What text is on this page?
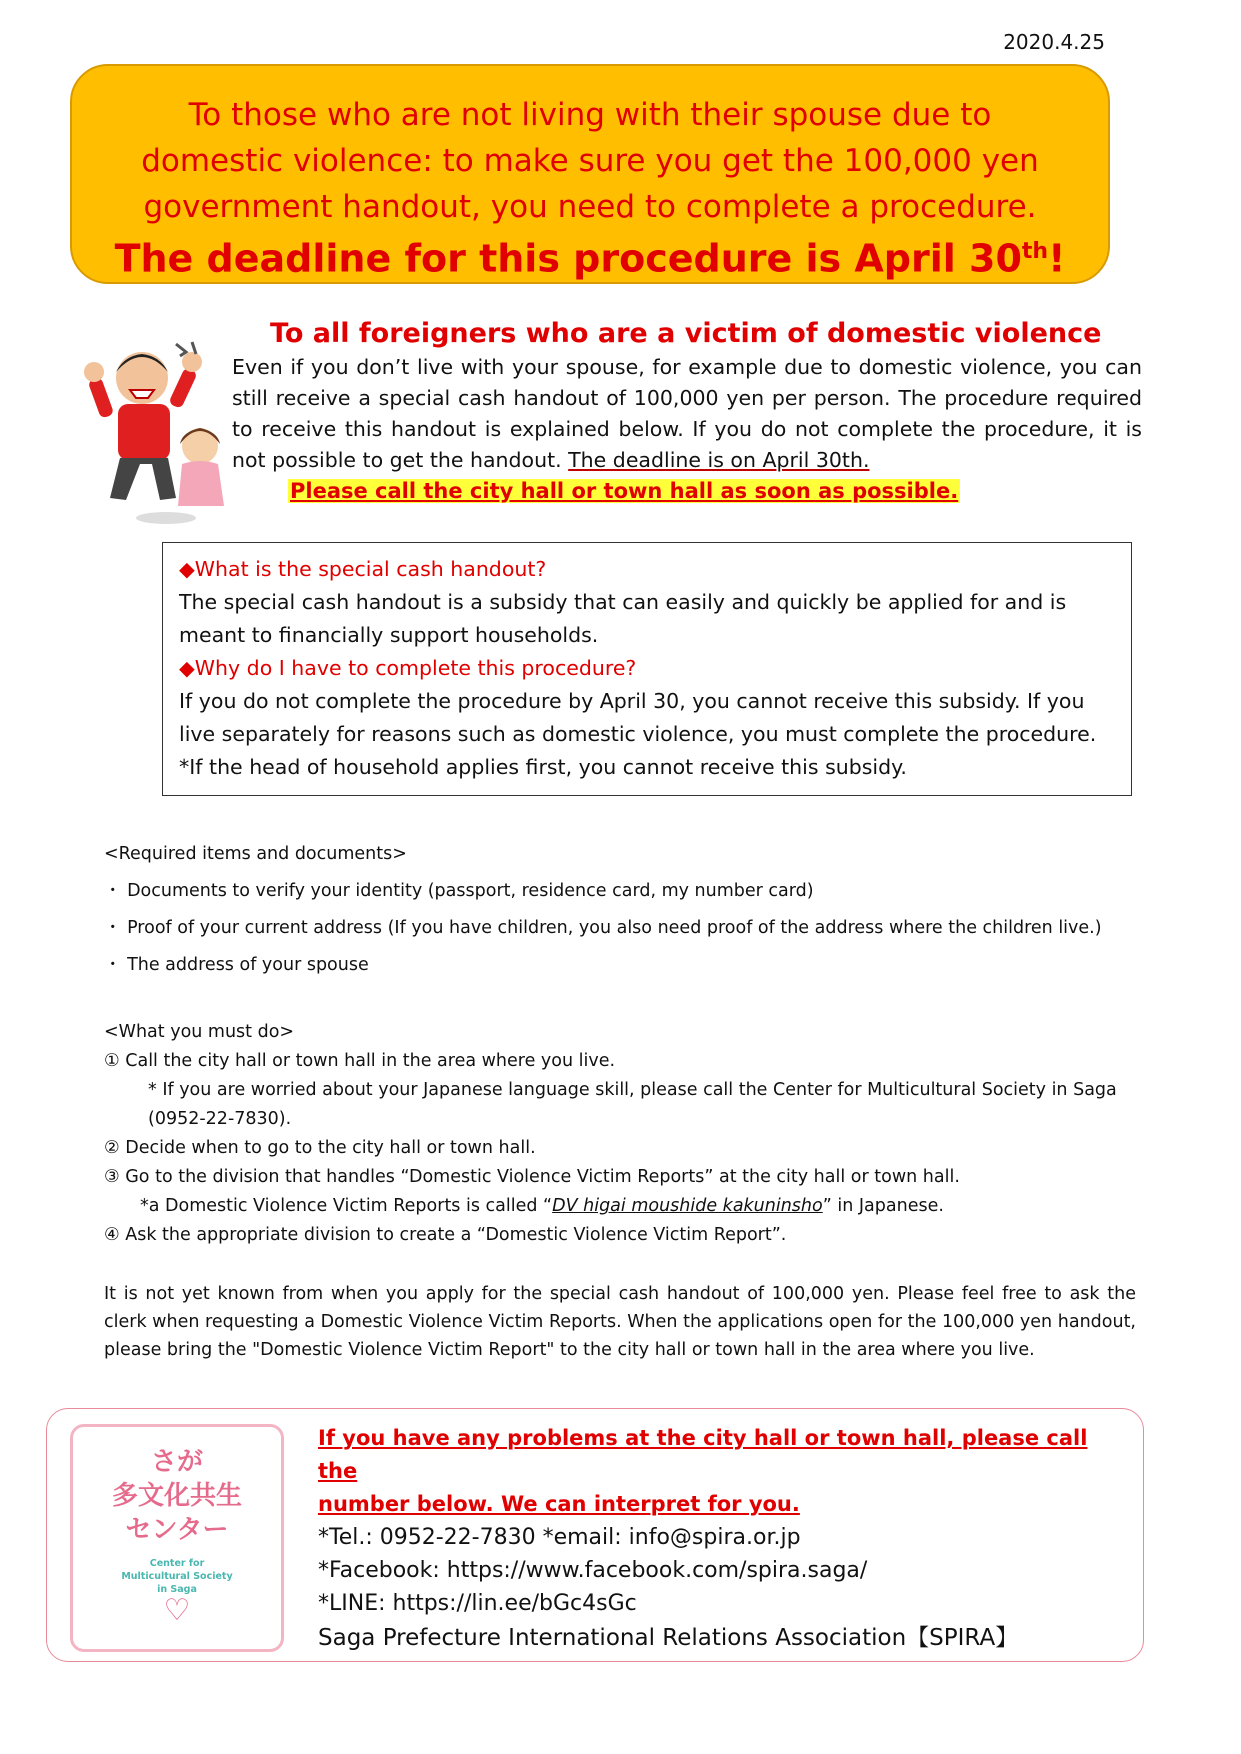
2020.4.25
To those who are not living with their spouse due to
domestic violence: to make sure you get the 100,000 yen
government handout, you need to complete a procedure.
The deadline for this procedure is April 30th!
To all foreigners who are a victim of domestic violence
Even if you don’t live with your spouse, for example due to domestic violence, you can still receive a special cash handout of 100,000 yen per person. The procedure required to receive this handout is explained below. If you do not complete the procedure, it is not possible to get the handout. The deadline is on April 30th.
Please call the city hall or town hall as soon as possible.
◆What is the special cash handout?
The special cash handout is a subsidy that can easily and quickly be applied for and is meant to financially support households.
◆Why do I have to complete this procedure?
If you do not complete the procedure by April 30, you cannot receive this subsidy. If you live separately for reasons such as domestic violence, you must complete the procedure.
*If the head of household applies first, you cannot receive this subsidy.
<Required items and documents>
・ Documents to verify your identity (passport, residence card, my number card)
・ Proof of your current address (If you have children, you also need proof of the address where the children live.)
・ The address of your spouse
<What you must do>
① Call the city hall or town hall in the area where you live.
* If you are worried about your Japanese language skill, please call the Center for Multicultural Society in Saga (0952-22-7830).
② Decide when to go to the city hall or town hall.
③ Go to the division that handles “Domestic Violence Victim Reports” at the city hall or town hall.
*a Domestic Violence Victim Reports is called “DV higai moushide kakuninsho” in Japanese.
④ Ask the appropriate division to create a “Domestic Violence Victim Report”.
It is not yet known from when you apply for the special cash handout of 100,000 yen. Please feel free to ask the clerk when requesting a Domestic Violence Victim Reports. When the applications open for the 100,000 yen handout, please bring the "Domestic Violence Victim Report" to the city hall or town hall in the area where you live.
さが
多文化共生
センター
Center for
Multicultural Society
in Saga
♡
If you have any problems at the city hall or town hall, please call the
number below. We can interpret for you.
*Tel.: 0952-22-7830 *email: info@spira.or.jp
*Facebook: https://www.facebook.com/spira.saga/
*LINE: https://lin.ee/bGc4sGc
Saga Prefecture International Relations Association【SPIRA】
